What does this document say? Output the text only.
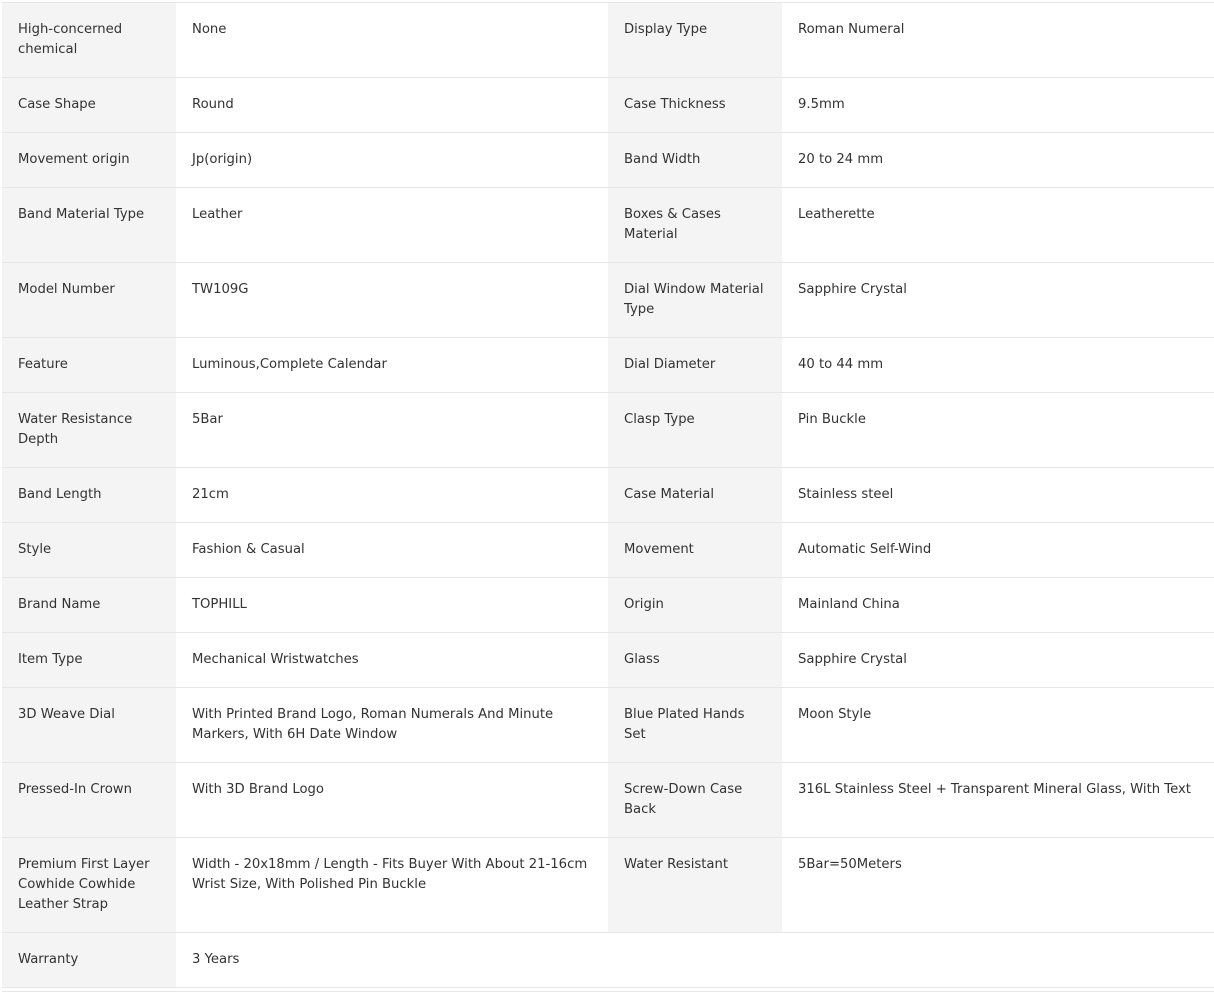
High-concerned chemical	None	Display Type	Roman Numeral
Case Shape	Round	Case Thickness	9.5mm
Movement origin	Jp(origin)	Band Width	20 to 24 mm
Band Material Type	Leather	Boxes & Cases Material	Leatherette
Model Number	TW109G	Dial Window Material Type	Sapphire Crystal
Feature	Luminous,Complete Calendar	Dial Diameter	40 to 44 mm
Water Resistance Depth	5Bar	Clasp Type	Pin Buckle
Band Length	21cm	Case Material	Stainless steel
Style	Fashion & Casual	Movement	Automatic Self-Wind
Brand Name	TOPHILL	Origin	Mainland China
Item Type	Mechanical Wristwatches	Glass	Sapphire Crystal
3D Weave Dial	With Printed Brand Logo, Roman Numerals And Minute Markers, With 6H Date Window	Blue Plated Hands Set	Moon Style
Pressed-In Crown	With 3D Brand Logo	Screw-Down Case Back	316L Stainless Steel + Transparent Mineral Glass, With Text
Premium First Layer Cowhide Cowhide Leather Strap	Width - 20x18mm / Length - Fits Buyer With About 21-16cm Wrist Size, With Polished Pin Buckle	Water Resistant	5Bar=50Meters
Warranty	3 Years		
